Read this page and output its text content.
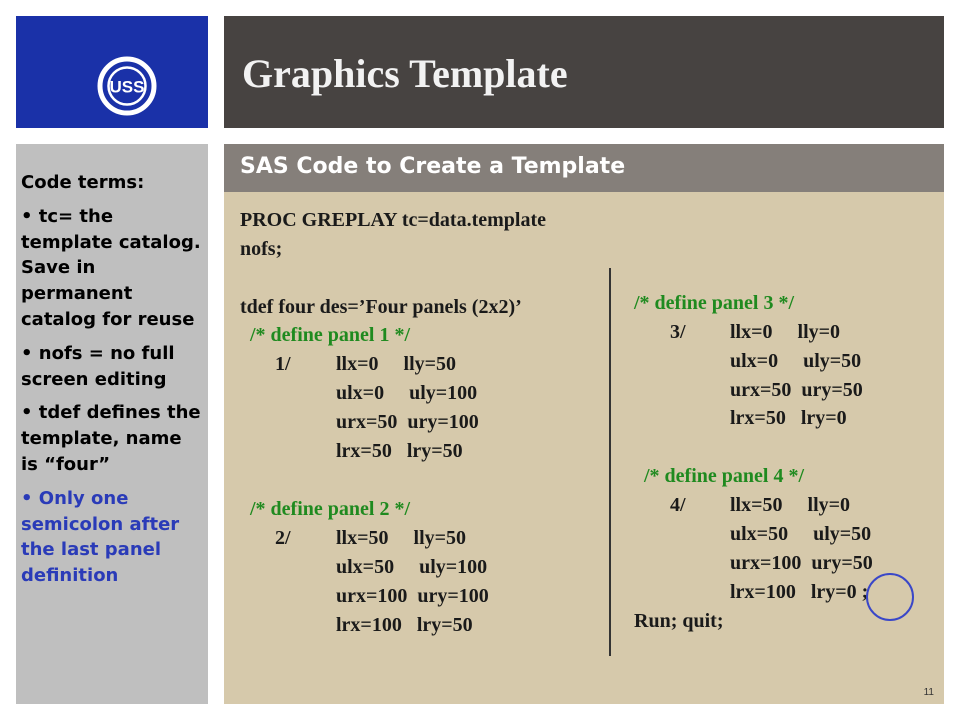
USS Graphics Template
Code terms:
• tc= the template catalog. Save in permanent catalog for reuse
• nofs = no full screen editing
• tdef defines the template, name is “four”
• Only one semicolon after the last panel definition
SAS Code to Create a Template
PROC GREPLAY tc=data.template
nofs;
tdef four des=’Four panels (2x2)’
/* define panel 1 */
1/ llx=0     lly=50
ulx=0     uly=100
urx=50  ury=100
lrx=50   lry=50
/* define panel 2 */
2/ llx=50     lly=50
ulx=50     uly=100
urx=100  ury=100
lrx=100   lry=50
/* define panel 3 */
3/ llx=0     lly=0
ulx=0     uly=50
urx=50  ury=50
lrx=50   lry=0
/* define panel 4 */
4/ llx=50     lly=0
ulx=50     uly=50
urx=100  ury=50
lrx=100   lry=0 ;
Run; quit;
11
